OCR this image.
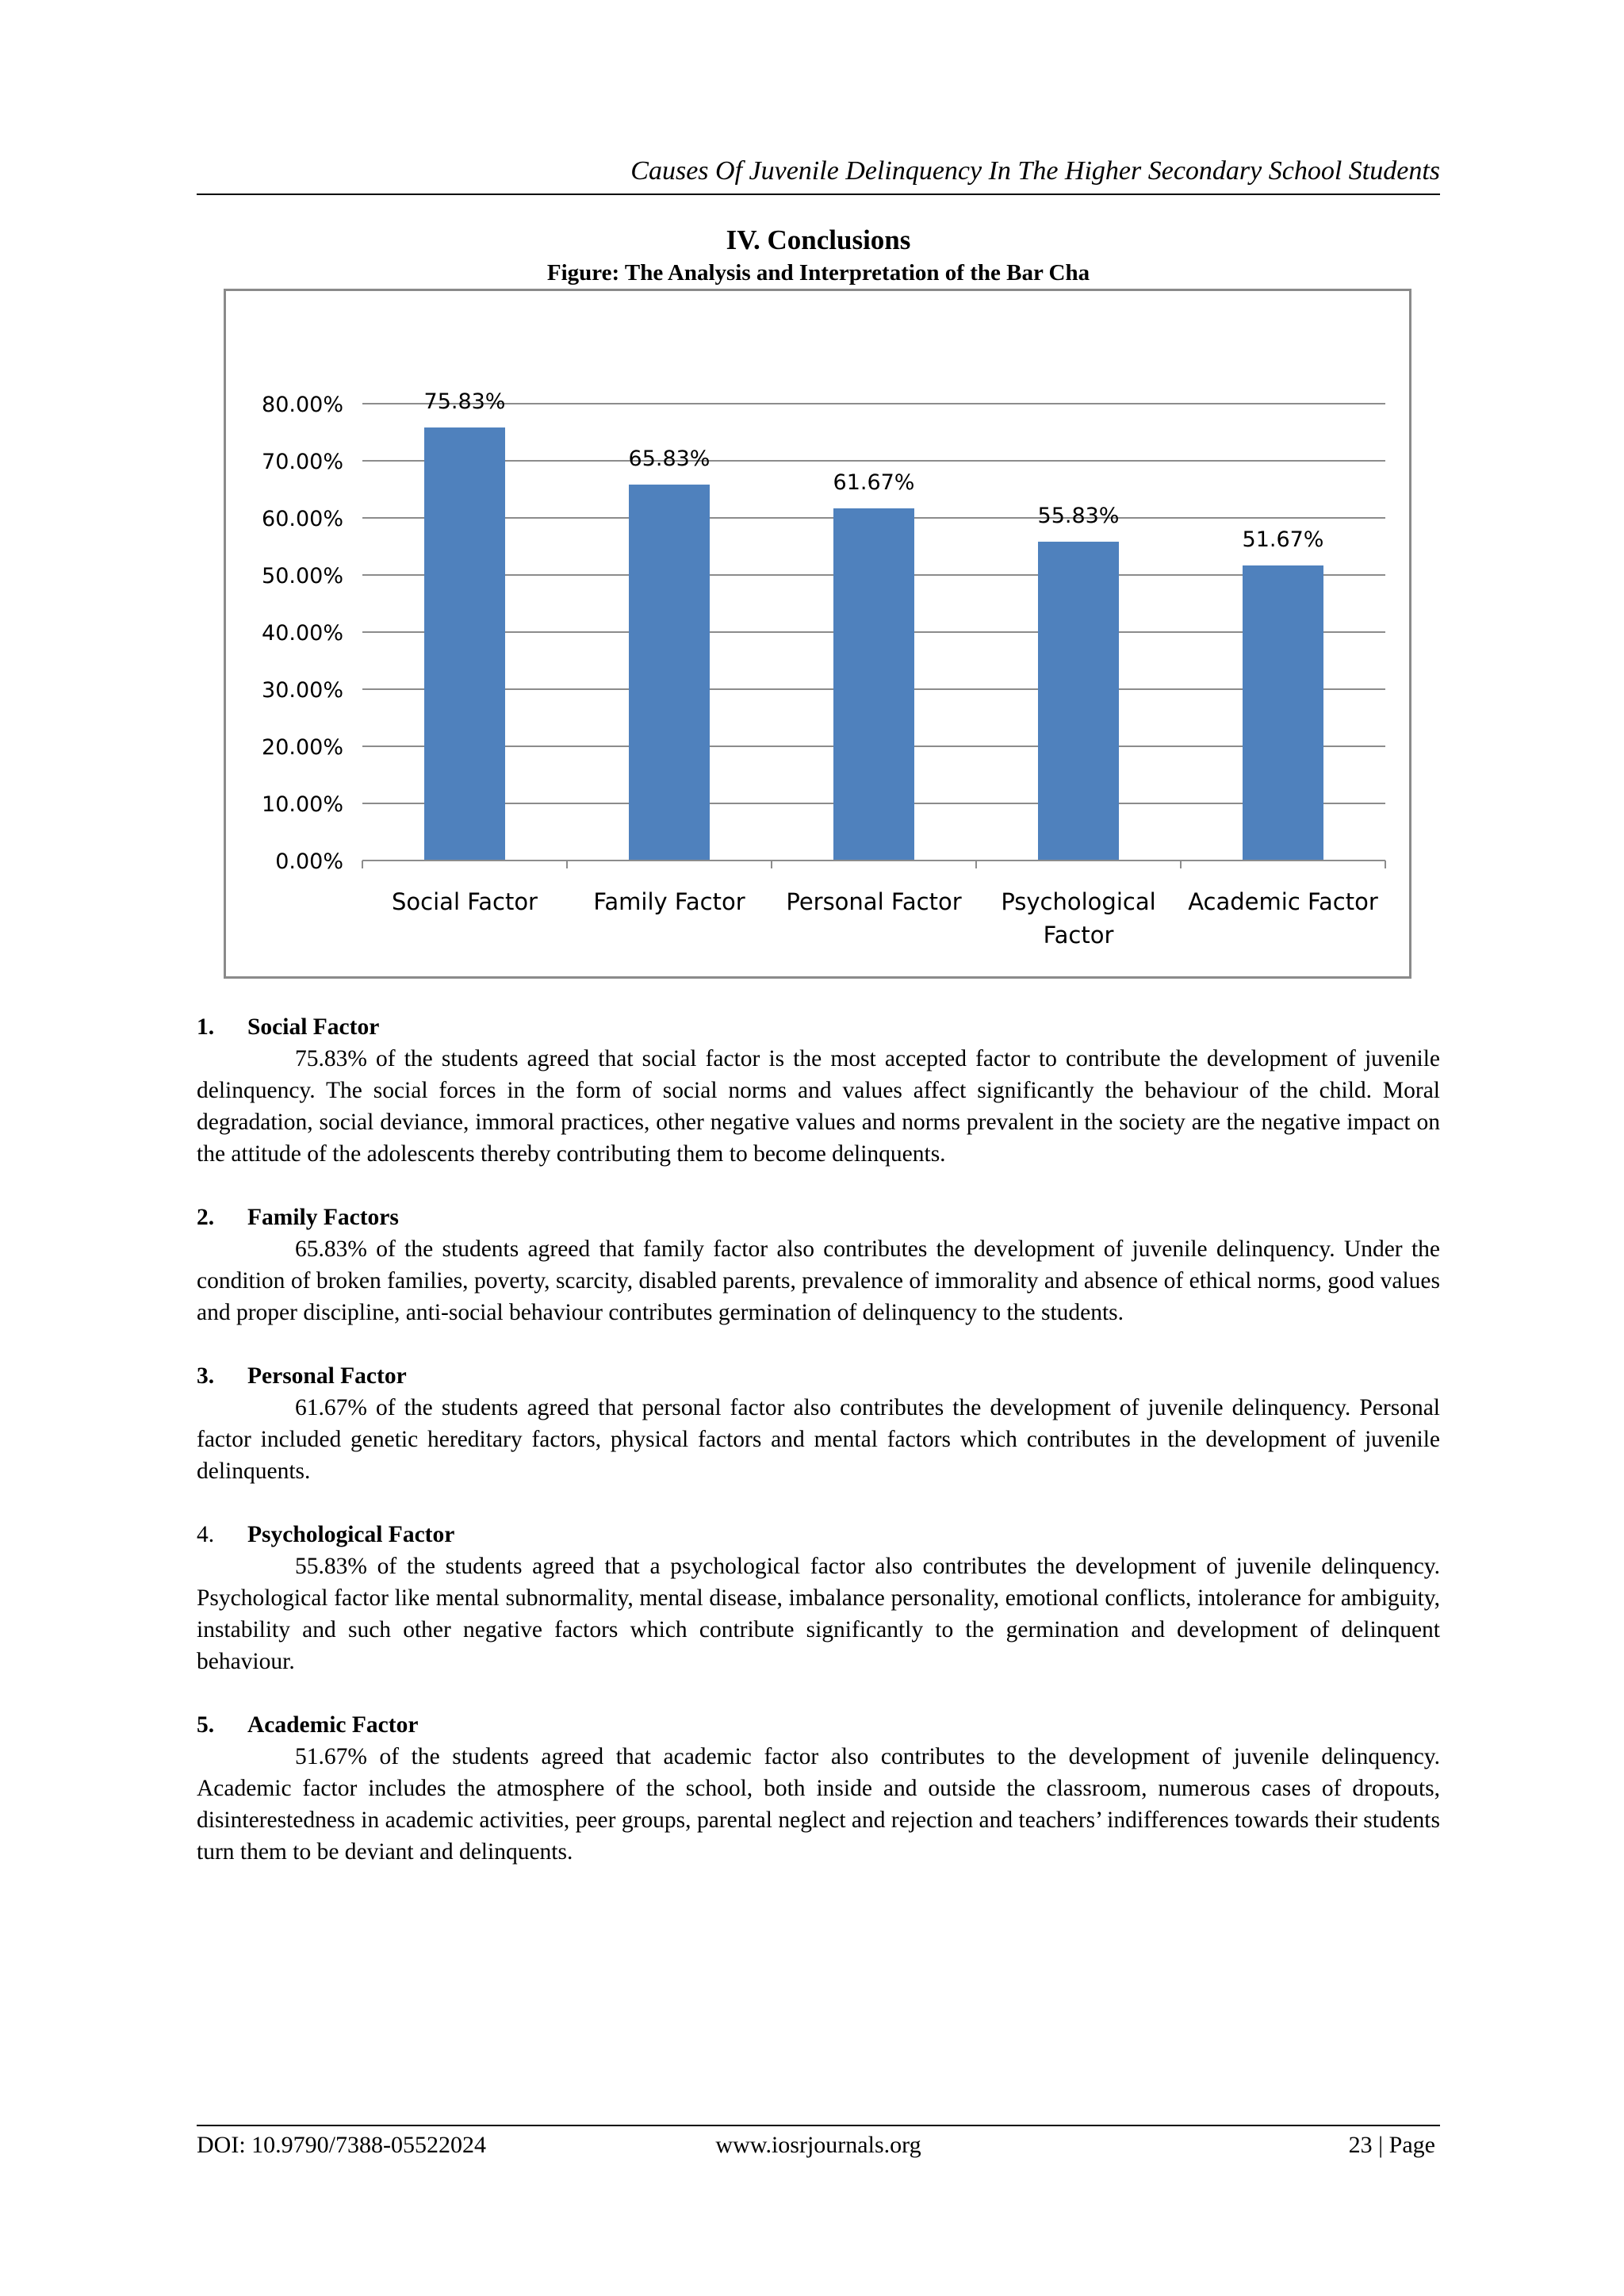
Causes Of Juvenile Delinquency In The Higher Secondary School Students
IV. Conclusions
Figure: The Analysis and Interpretation of the Bar Cha
0.00%
10.00%
20.00%
30.00%
40.00%
50.00%
60.00%
70.00%
80.00%	75.83%
Social Factor
65.83%
Family Factor
61.67%
Personal Factor
55.83%
Psychological
Factor
51.67%
Academic Factor

1. Social Factor

75.83% of the students agreed that social factor is the most accepted factor to contribute the development of juvenile delinquency. The social forces in the form of social norms and values affect significantly the behaviour of the child. Moral degradation, social deviance, immoral practices, other negative values and norms prevalent in the society are the negative impact on the attitude of the adolescents thereby contributing them to become delinquents.

2. Family Factors

65.83% of the students agreed that family factor also contributes the development of juvenile delinquency. Under the condition of broken families, poverty, scarcity, disabled parents, prevalence of immorality and absence of ethical norms, good values and proper discipline, anti-social behaviour contributes germination of delinquency to the students.

3. Personal Factor

61.67% of the students agreed that personal factor also contributes the development of juvenile delinquency. Personal factor included genetic hereditary factors, physical factors and mental factors which contributes in the development of juvenile delinquents.

4. Psychological Factor

55.83% of the students agreed that a psychological factor also contributes the development of juvenile delinquency. Psychological factor like mental subnormality, mental disease, imbalance personality, emotional conflicts, intolerance for ambiguity, instability and such other negative factors which contribute significantly to the germination and development of delinquent behaviour.

5. Academic Factor

51.67% of the students agreed that academic factor also contributes to the development of juvenile delinquency. Academic factor includes the atmosphere of the school, both inside and outside the classroom, numerous cases of dropouts, disinterestedness in academic activities, peer groups, parental neglect and rejection and teachers’ indifferences towards their students turn them to be deviant and delinquents.

DOI: 10.9790/7388-05522024	www.iosrjournals.org	23 | Page
